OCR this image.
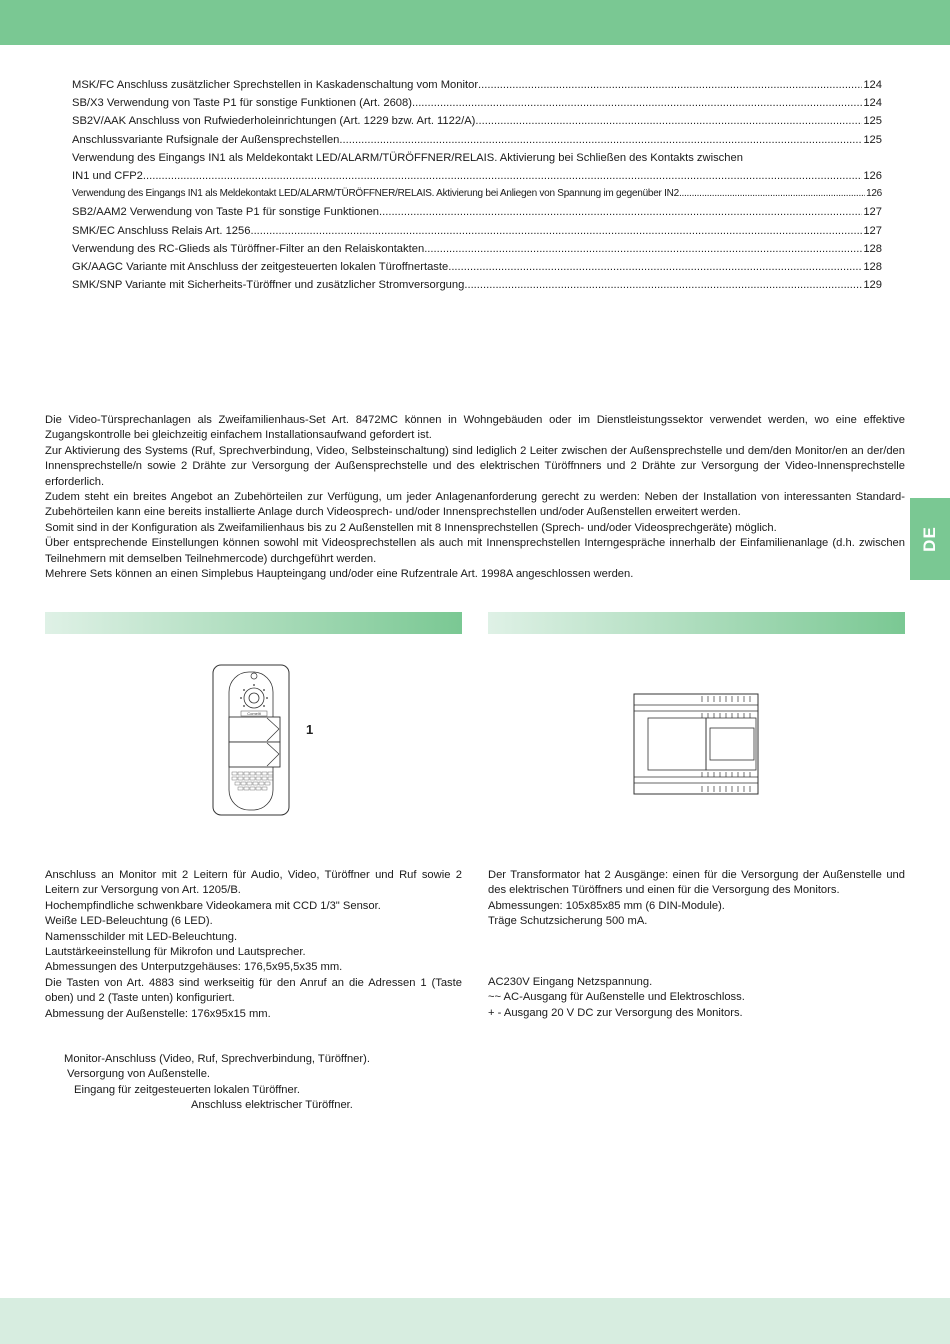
MSK/FC Anschluss zusätzlicher Sprechstellen in Kaskadenschaltung vom Monitor .....	124
SB/X3 Verwendung von Taste P1 für sonstige Funktionen (Art. 2608) .....	124
SB2V/AAK Anschluss von Rufwiederholeinrichtungen (Art. 1229 bzw. Art. 1122/A) .....	125
Anschlussvariante Rufsignale der Außensprechstellen .....	125
Verwendung des Eingangs IN1 als Meldekontakt LED/ALARM/TÜRÖFFNER/RELAIS. Aktivierung bei Schließen des Kontakts zwischen
IN1 und CFP2 .....	126
Verwendung des Eingangs IN1 als Meldekontakt LED/ALARM/TÜRÖFFNER/RELAIS. Aktivierung bei Anliegen von Spannung im gegenüber IN2 .....	126
SB2/AAM2 Verwendung von Taste P1 für sonstige Funktionen .....	127
SMK/EC Anschluss Relais Art. 1256 .....	127
Verwendung des RC-Glieds als Türöffner-Filter an den Relaiskontakten .....	128
GK/AAGC Variante mit Anschluss der zeitgesteuerten lokalen Türoffnertaste .....	128
SMK/SNP Variante mit Sicherheits-Türöffner und zusätzlicher Stromversorgung .....	129

Die Video-Türsprechanlagen als Zweifamilienhaus-Set Art. 8472MC können in Wohngebäuden oder im Dienstleistungssektor verwendet werden, wo eine effektive Zugangskontrolle bei gleichzeitig einfachem Installationsaufwand gefordert ist.

Zur Aktivierung des Systems (Ruf, Sprechverbindung, Video, Selbsteinschaltung) sind lediglich 2 Leiter zwischen der Außensprechstelle und dem/den Monitor/en an der/den Innensprechstelle/n sowie 2 Drähte zur Versorgung der Außensprechstelle und des elektrischen Türöffnners und 2 Drähte zur Versorgung der Video-Innensprechstelle erforderlich.

Zudem steht ein breites Angebot an Zubehörteilen zur Verfügung, um jeder Anlagenanforderung gerecht zu werden: Neben der Installation von interessanten Standard-Zubehörteilen kann eine bereits installierte Anlage durch Videosprech- und/oder Innensprechstellen und/oder Außenstellen erweitert werden.

Somit sind in der Konfiguration als Zweifamilienhaus bis zu 2 Außenstellen mit 8 Innensprechstellen (Sprech- und/oder Videosprechgeräte) möglich.

Über entsprechende Einstellungen können sowohl mit Videosprechstellen als auch mit Innensprechstellen Interngespräche innerhalb der Einfamilienanlage (d.h. zwischen Teilnehmern mit demselben Teilnehmercode) durchgeführt werden.

Mehrere Sets können an einen Simplebus Haupteingang und/oder eine Rufzentrale Art. 1998A angeschlossen werden.

DE
Comelit
1

Anschluss an Monitor mit 2 Leitern für Audio, Video, Türöffner und Ruf sowie 2 Leitern zur Versorgung von Art. 1205/B.

Hochempfindliche schwenkbare Videokamera mit CCD 1/3" Sensor.

Weiße LED-Beleuchtung (6 LED).

Namensschilder mit LED-Beleuchtung.

Lautstärkeeinstellung für Mikrofon und Lautsprecher.

Abmessungen des Unterputzgehäuses: 176,5x95,5x35 mm.

Die Tasten von Art. 4883 sind werkseitig für den Anruf an die Adressen 1 (Taste oben) und 2 (Taste unten) konfiguriert.

Abmessung der Außenstelle: 176x95x15 mm.

Monitor-Anschluss (Video, Ruf, Sprechverbindung, Türöffner).

Versorgung von Außenstelle.

Eingang für zeitgesteuerten lokalen Türöffner.

Anschluss elektrischer Türöffner.

Der Transformator hat 2 Ausgänge: einen für die Versorgung der Außenstelle und des elektrischen Türöffners und einen für die Versorgung des Monitors.

Abmessungen: 105x85x85 mm (6 DIN-Module).

Träge Schutzsicherung 500 mA.

AC230V Eingang Netzspannung.

~~ AC-Ausgang für Außenstelle und Elektroschloss.

+ - Ausgang 20 V DC zur Versorgung des Monitors.
